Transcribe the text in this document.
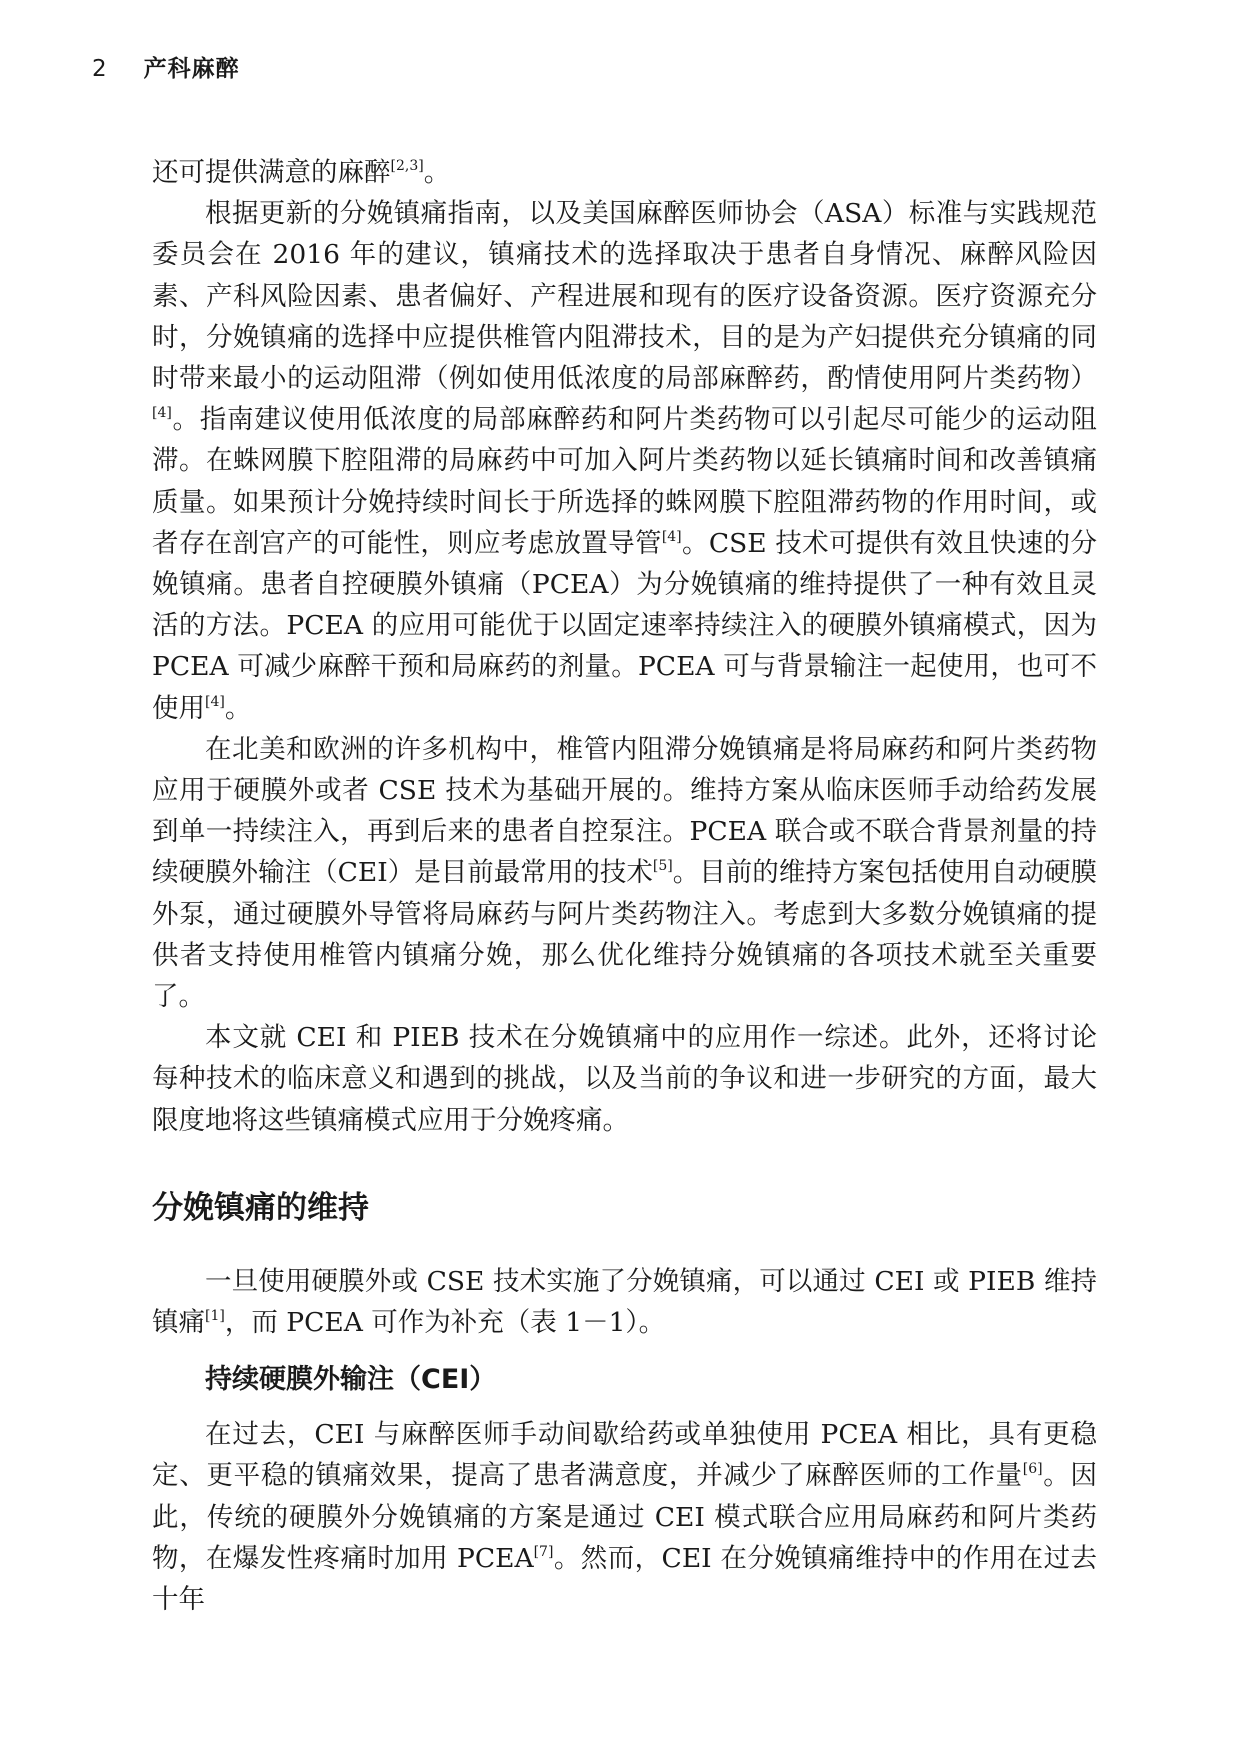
2 产科麻醉

还可提供满意的麻醉[2,3]。

根据更新的分娩镇痛指南，以及美国麻醉医师协会（ASA）标准与实践规范委员会在 2016 年的建议，镇痛技术的选择取决于患者自身情况、麻醉风险因素、产科风险因素、患者偏好、产程进展和现有的医疗设备资源。医疗资源充分时，分娩镇痛的选择中应提供椎管内阻滞技术，目的是为产妇提供充分镇痛的同时带来最小的运动阻滞（例如使用低浓度的局部麻醉药，酌情使用阿片类药物）[4]。指南建议使用低浓度的局部麻醉药和阿片类药物可以引起尽可能少的运动阻滞。在蛛网膜下腔阻滞的局麻药中可加入阿片类药物以延长镇痛时间和改善镇痛质量。如果预计分娩持续时间长于所选择的蛛网膜下腔阻滞药物的作用时间，或者存在剖宫产的可能性，则应考虑放置导管[4]。CSE 技术可提供有效且快速的分娩镇痛。患者自控硬膜外镇痛（PCEA）为分娩镇痛的维持提供了一种有效且灵活的方法。PCEA 的应用可能优于以固定速率持续注入的硬膜外镇痛模式，因为 PCEA 可减少麻醉干预和局麻药的剂量。PCEA 可与背景输注一起使用，也可不使用[4]。

在北美和欧洲的许多机构中，椎管内阻滞分娩镇痛是将局麻药和阿片类药物应用于硬膜外或者 CSE 技术为基础开展的。维持方案从临床医师手动给药发展到单一持续注入，再到后来的患者自控泵注。PCEA 联合或不联合背景剂量的持续硬膜外输注（CEI）是目前最常用的技术[5]。目前的维持方案包括使用自动硬膜外泵，通过硬膜外导管将局麻药与阿片类药物注入。考虑到大多数分娩镇痛的提供者支持使用椎管内镇痛分娩，那么优化维持分娩镇痛的各项技术就至关重要了。

本文就 CEI 和 PIEB 技术在分娩镇痛中的应用作一综述。此外，还将讨论每种技术的临床意义和遇到的挑战，以及当前的争议和进一步研究的方面，最大限度地将这些镇痛模式应用于分娩疼痛。

分娩镇痛的维持

一旦使用硬膜外或 CSE 技术实施了分娩镇痛，可以通过 CEI 或 PIEB 维持镇痛[1]，而 PCEA 可作为补充（表 1－1）。

持续硬膜外输注（CEI）

在过去，CEI 与麻醉医师手动间歇给药或单独使用 PCEA 相比，具有更稳定、更平稳的镇痛效果，提高了患者满意度，并减少了麻醉医师的工作量[6]。因此，传统的硬膜外分娩镇痛的方案是通过 CEI 模式联合应用局麻药和阿片类药物，在爆发性疼痛时加用 PCEA[7]。然而，CEI 在分娩镇痛维持中的作用在过去十年
